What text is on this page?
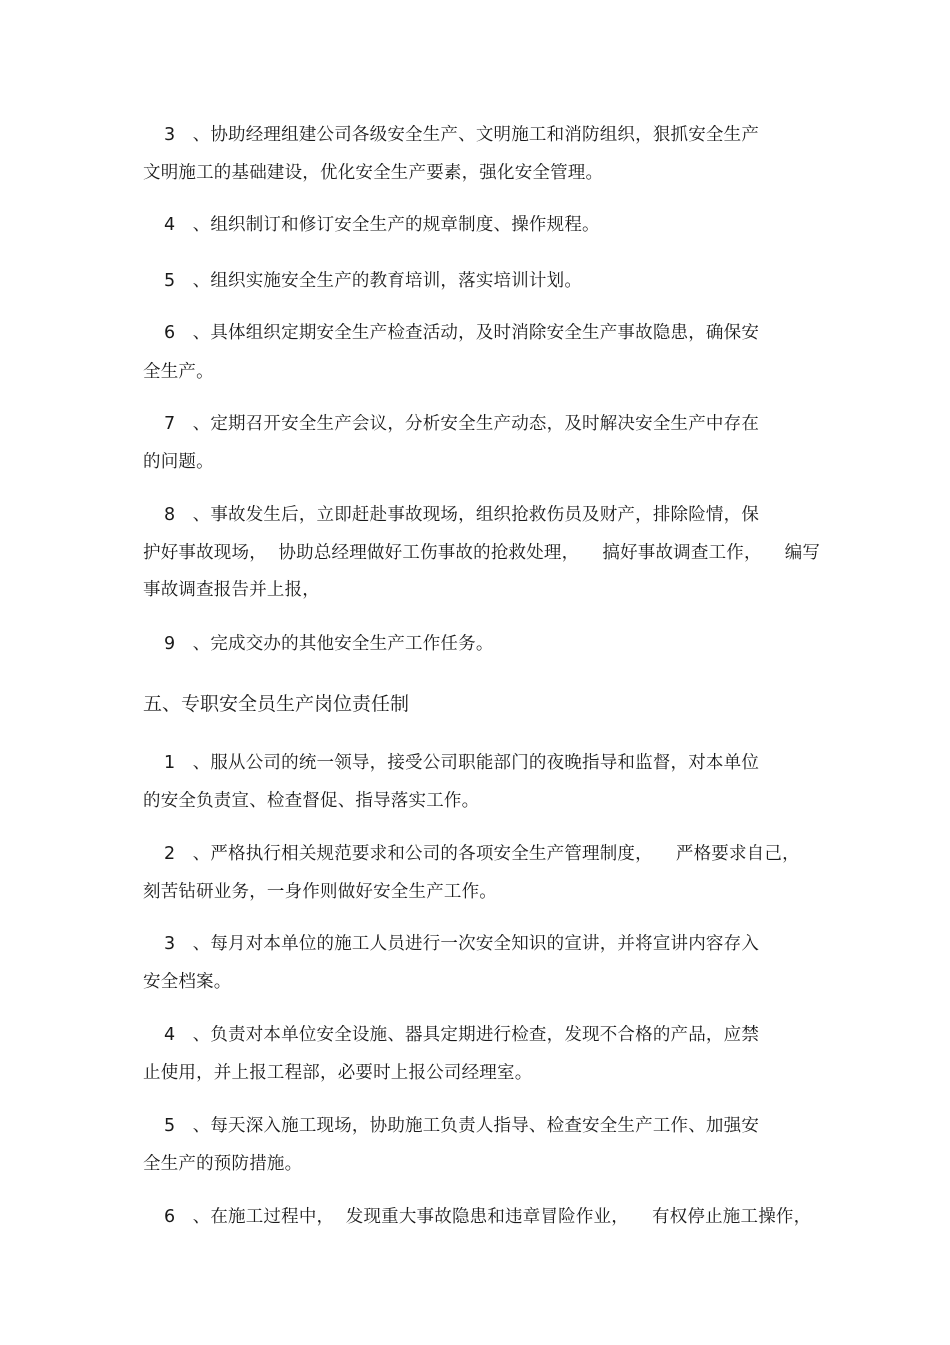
3   、协助经理组建公司各级安全生产、文明施工和消防组织，狠抓安全生产
文明施工的基础建设，优化安全生产要素，强化安全管理。
4   、组织制订和修订安全生产的规章制度、操作规程。
5   、组织实施安全生产的教育培训，落实培训计划。
6   、具体组织定期安全生产检查活动，及时消除安全生产事故隐患，确保安
全生产。
7   、定期召开安全生产会议，分析安全生产动态，及时解决安全生产中存在
的问题。
8   、事故发生后，立即赶赴事故现场，组织抢救伤员及财产，排除险情，保
护好事故现场，  协助总经理做好工伤事故的抢救处理，    搞好事故调查工作，    编写
事故调查报告并上报，
9   、完成交办的其他安全生产工作任务。
五、专职安全员生产岗位责任制
1   、服从公司的统一领导，接受公司职能部门的夜晚指导和监督，对本单位
的安全负责宣、检查督促、指导落实工作。
2   、严格执行相关规范要求和公司的各项安全生产管理制度，    严格要求自己，
刻苦钻研业务，一身作则做好安全生产工作。
3   、每月对本单位的施工人员进行一次安全知识的宣讲，并将宣讲内容存入
安全档案。
4   、负责对本单位安全设施、器具定期进行检查，发现不合格的产品，应禁
止使用，并上报工程部，必要时上报公司经理室。
5   、每天深入施工现场，协助施工负责人指导、检查安全生产工作、加强安
全生产的预防措施。
6   、在施工过程中，  发现重大事故隐患和违章冒险作业，    有权停止施工操作，
